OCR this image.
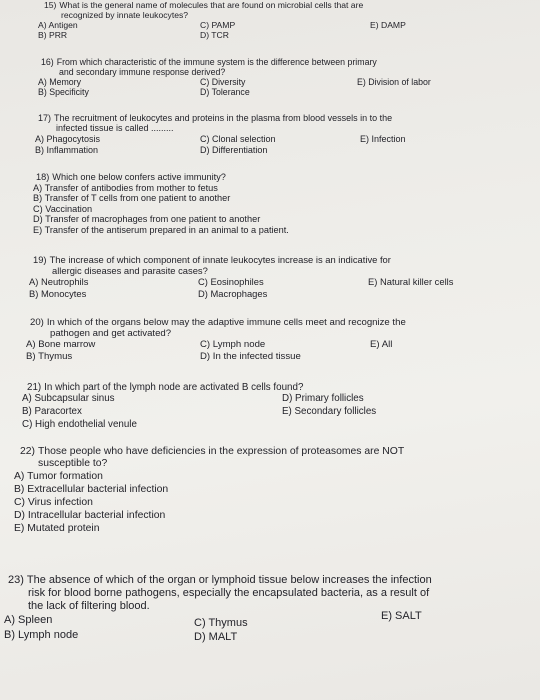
15) What is the general name of molecules that are found on microbial cells that are
recognized by innate leukocytes?
A) Antigen
B) PRR
C) PAMP
D) TCR
E) DAMP
16) From which characteristic of the immune system is the difference between primary
and secondary immune response derived?
A) Memory
B) Specificity
C) Diversity
D) Tolerance
E) Division of labor
17) The recruitment of leukocytes and proteins in the plasma from blood vessels in to the
infected tissue is called .........
A) Phagocytosis
B) Inflammation
C) Clonal selection
D) Differentiation
E) Infection
18) Which one below confers active immunity?
A) Transfer of antibodies from mother to fetus
B) Transfer of T cells from one patient to another
C) Vaccination
D) Transfer of macrophages from one patient to another
E) Transfer of the antiserum prepared in an animal to a patient.
19) The increase of which component of innate leukocytes increase is an indicative for
allergic diseases and parasite cases?
A) Neutrophils
B) Monocytes
C) Eosinophiles
D) Macrophages
E) Natural killer cells
20) In which of the organs below may the adaptive immune cells meet and recognize the
pathogen and get activated?
A) Bone marrow
B) Thymus
C) Lymph node
D) In the infected tissue
E) All
21) In which part of the lymph node are activated B cells found?
A) Subcapsular sinus
B) Paracortex
C) High endothelial venule
D) Primary follicles
E) Secondary follicles
22) Those people who have deficiencies in the expression of proteasomes are NOT
susceptible to?
A) Tumor formation
B) Extracellular bacterial infection
C) Virus infection
D) Intracellular bacterial infection
E) Mutated protein
23) The absence of which of the organ or lymphoid tissue below increases the infection
risk for blood borne pathogens, especially the encapsulated bacteria, as a result of
the lack of filtering blood.
A) Spleen
B) Lymph node
C) Thymus
D) MALT
E) SALT
